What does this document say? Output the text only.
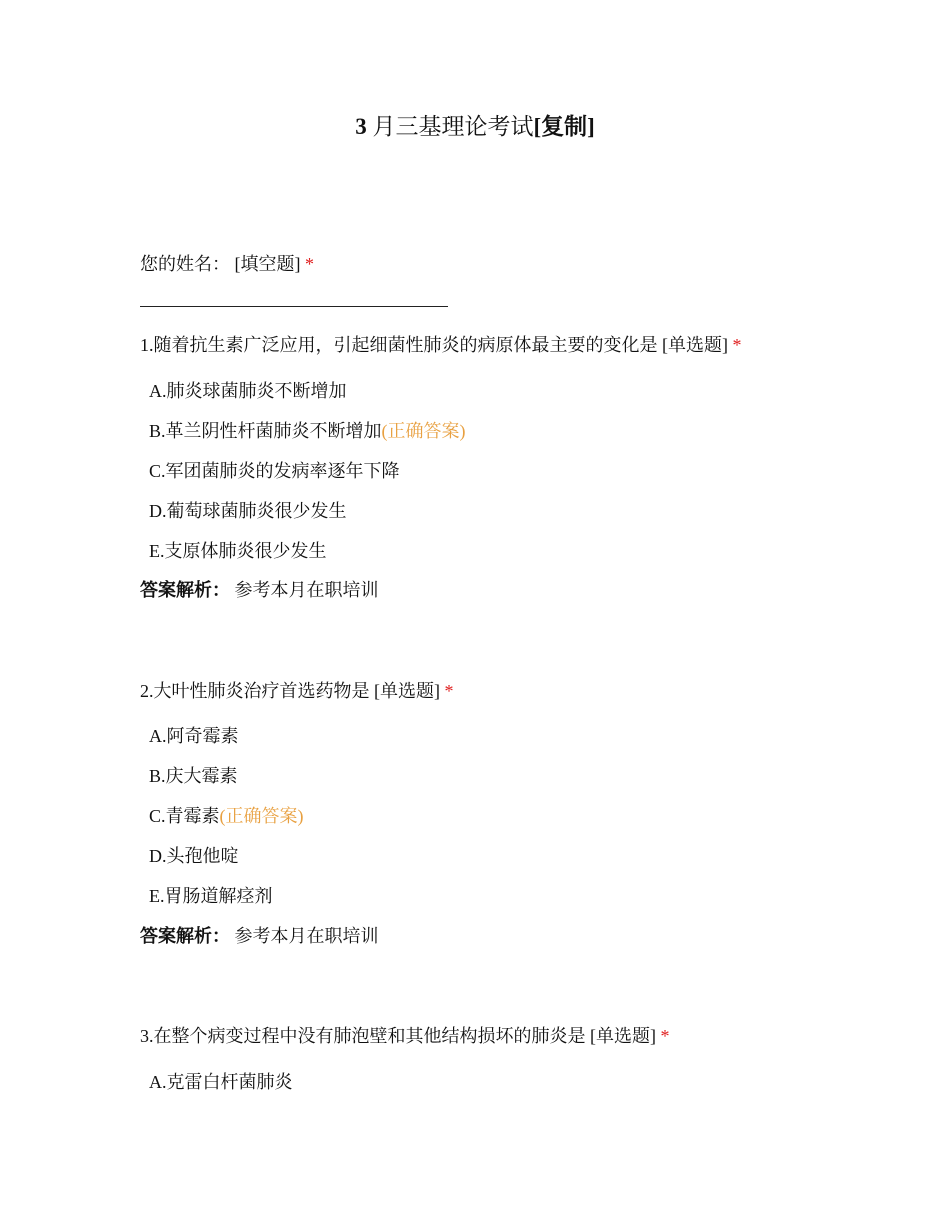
3 月三基理论考试[复制]
您的姓名： [填空题] *
1.随着抗生素广泛应用，引起细菌性肺炎的病原体最主要的变化是 [单选题] *
A.肺炎球菌肺炎不断增加
B.革兰阴性杆菌肺炎不断增加(正确答案)
C.军团菌肺炎的发病率逐年下降
D.葡萄球菌肺炎很少发生
E.支原体肺炎很少发生
答案解析： 参考本月在职培训
2.大叶性肺炎治疗首选药物是 [单选题] *
A.阿奇霉素
B.庆大霉素
C.青霉素(正确答案)
D.头孢他啶
E.胃肠道解痉剂
答案解析： 参考本月在职培训
3.在整个病变过程中没有肺泡壁和其他结构损坏的肺炎是 [单选题] *
A.克雷白杆菌肺炎
